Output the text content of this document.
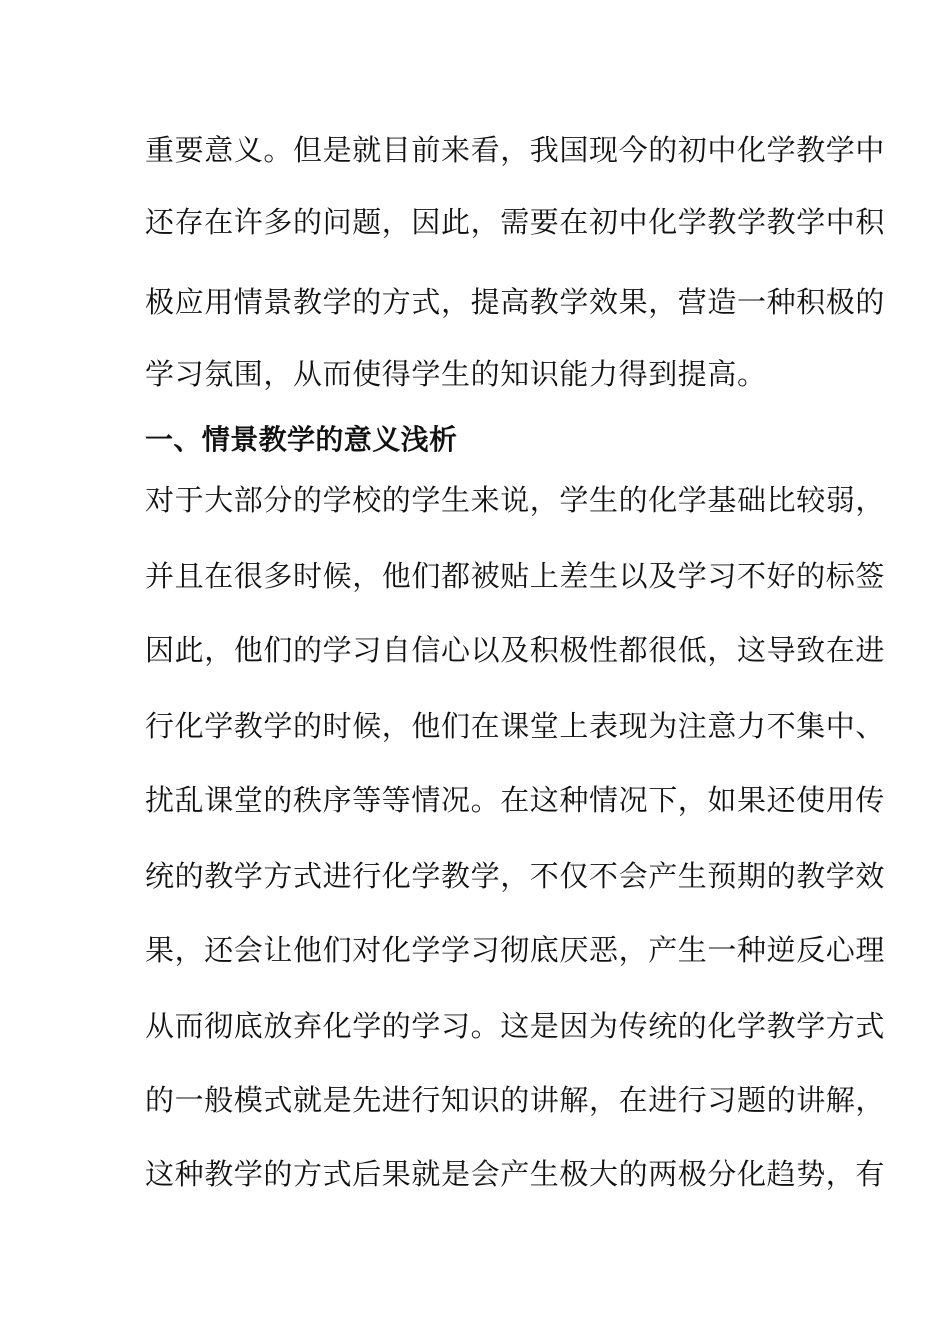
重要意义。但是就目前来看，我国现今的初中化学教学中
还存在许多的问题，因此，需要在初中化学教学教学中积
极应用情景教学的方式，提高教学效果，营造一种积极的
学习氛围，从而使得学生的知识能力得到提高。
一、情景教学的意义浅析
对于大部分的学校的学生来说，学生的化学基础比较弱，
并且在很多时候，他们都被贴上差生以及学习不好的标签
因此，他们的学习自信心以及积极性都很低，这导致在进
行化学教学的时候，他们在课堂上表现为注意力不集中、
扰乱课堂的秩序等等情况。在这种情况下，如果还使用传
统的教学方式进行化学教学，不仅不会产生预期的教学效
果，还会让他们对化学学习彻底厌恶，产生一种逆反心理
从而彻底放弃化学的学习。这是因为传统的化学教学方式
的一般模式就是先进行知识的讲解，在进行习题的讲解，
这种教学的方式后果就是会产生极大的两极分化趋势，有
